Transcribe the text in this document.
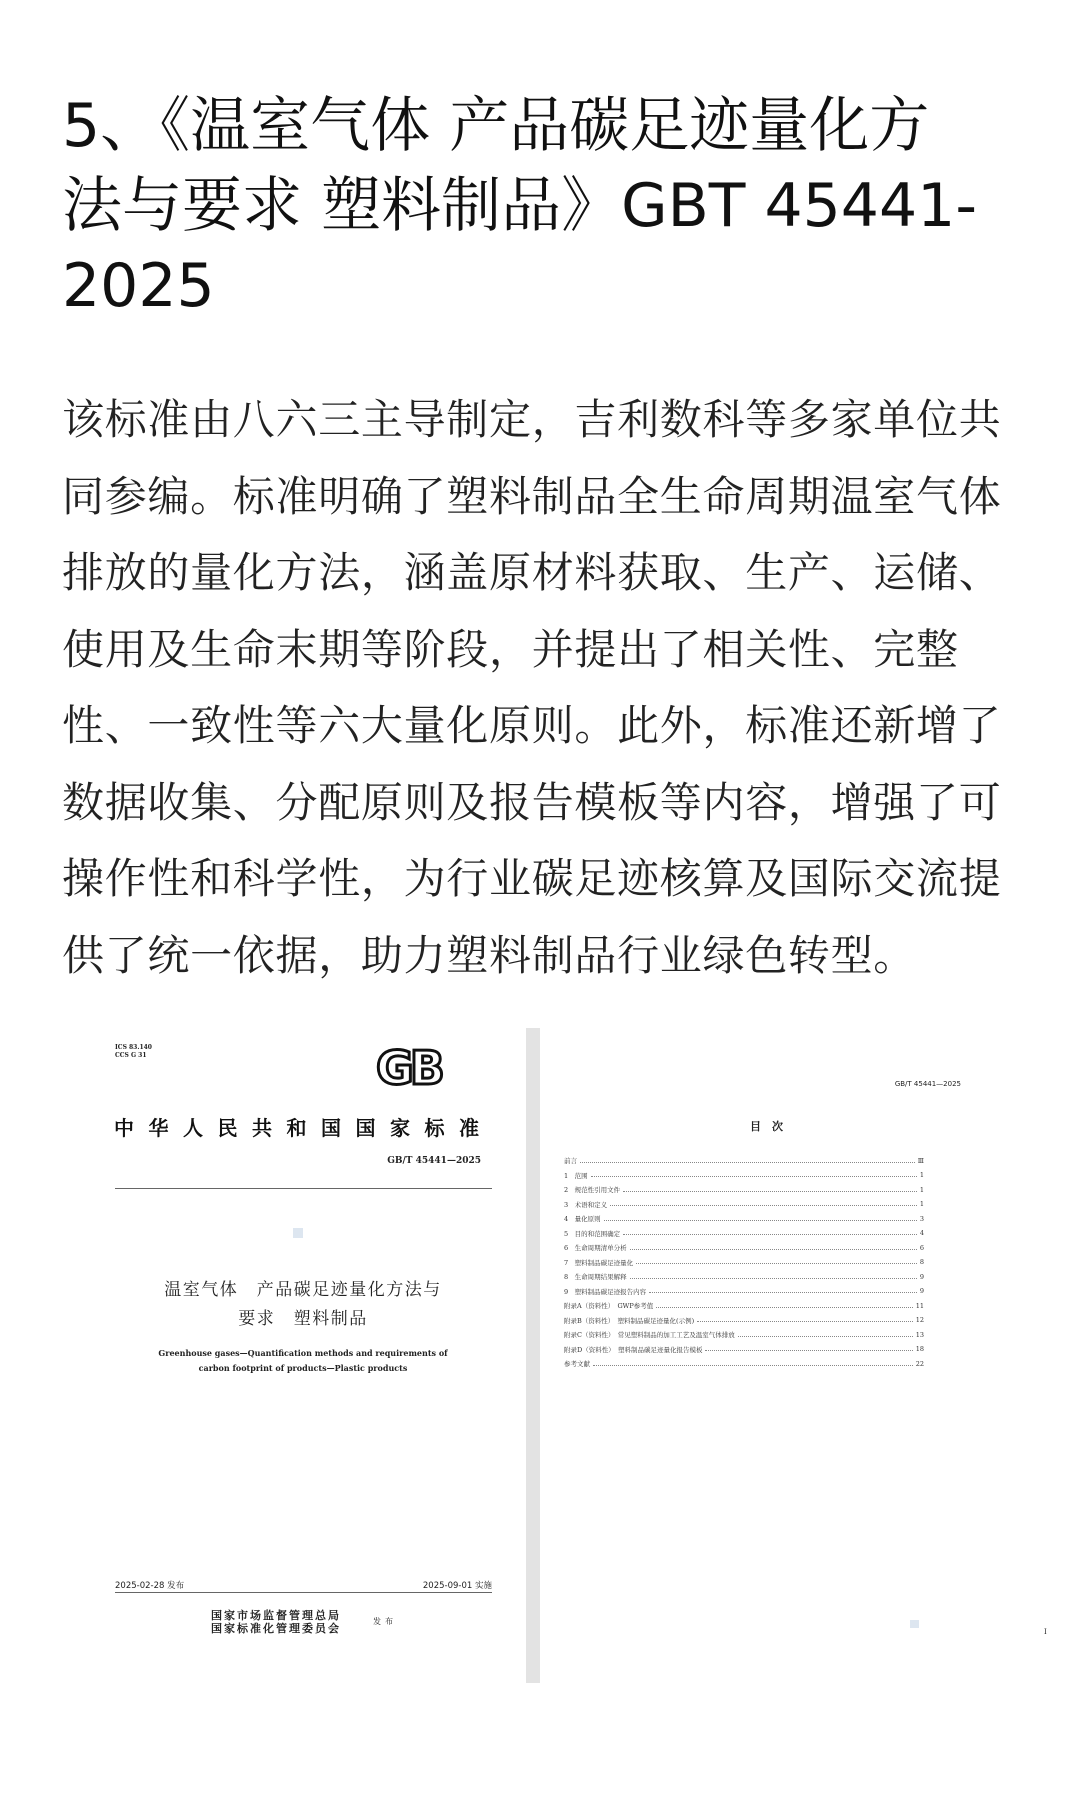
5、《温室气体 产品碳足迹量化方
法与要求 塑料制品》GBT 45441-
2025
该标准由八六三主导制定，吉利数科等多家单位共
同参编。标准明确了塑料制品全生命周期温室气体
排放的量化方法，涵盖原材料获取、生产、运储、
使用及生命末期等阶段，并提出了相关性、完整
性、一致性等六大量化原则。此外，标准还新增了
数据收集、分配原则及报告模板等内容，增强了可
操作性和科学性，为行业碳足迹核算及国际交流提
供了统一依据，助力塑料制品行业绿色转型。
ICS 83.140
CCS G 31	GB
中华人民共和国国家标准
GB/T 45441—2025
温室气体　产品碳足迹量化方法与
要求　塑料制品
Greenhouse gases—Quantification methods and requirements of
carbon footprint of products—Plastic products
2025-02-28 发布	2025-09-01 实施
国家市场监督管理总局
国家标准化管理委员会
发布
GB/T 45441—2025
目　次
前言	Ⅲ
1　范围	1
2　规范性引用文件	1
3　术语和定义	1
4　量化原则	3
5　目的和范围确定	4
6　生命周期清单分析	6
7　塑料制品碳足迹量化	8
8　生命周期结果解释	9
9　塑料制品碳足迹报告内容	9
附录A（资料性）　GWP参考值	11
附录B（资料性）　塑料制品碳足迹量化(示例)	12
附录C（资料性）　常见塑料制品的加工工艺及温室气体排放	13
附录D（资料性）　塑料制品碳足迹量化报告模板	18
参考文献	22
I
